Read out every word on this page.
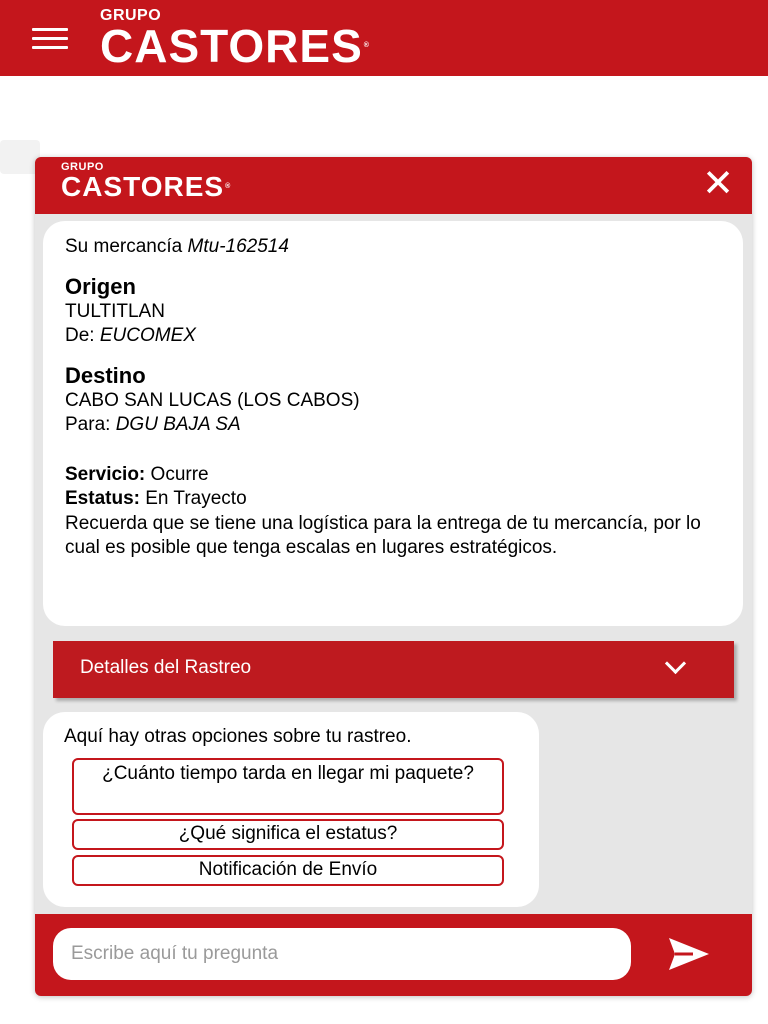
GRUPO
CASTORES®
GRUPO
CASTORES®	✕
Su mercancía Mtu-162514
Origen
TULTITLAN
De: EUCOMEX
Destino
CABO SAN LUCAS (LOS CABOS)
Para: DGU BAJA SA
Servicio: Ocurre
Estatus: En Trayecto
Recuerda que se tiene una logística para la entrega de tu mercancía, por lo cual es posible que tenga escalas en lugares estratégicos.
Detalles del Rastreo
Aquí hay otras opciones sobre tu rastreo.
¿Cuánto tiempo tarda en llegar mi paquete?
¿Qué significa el estatus?
Notificación de Envío
Escribe aquí tu pregunta
